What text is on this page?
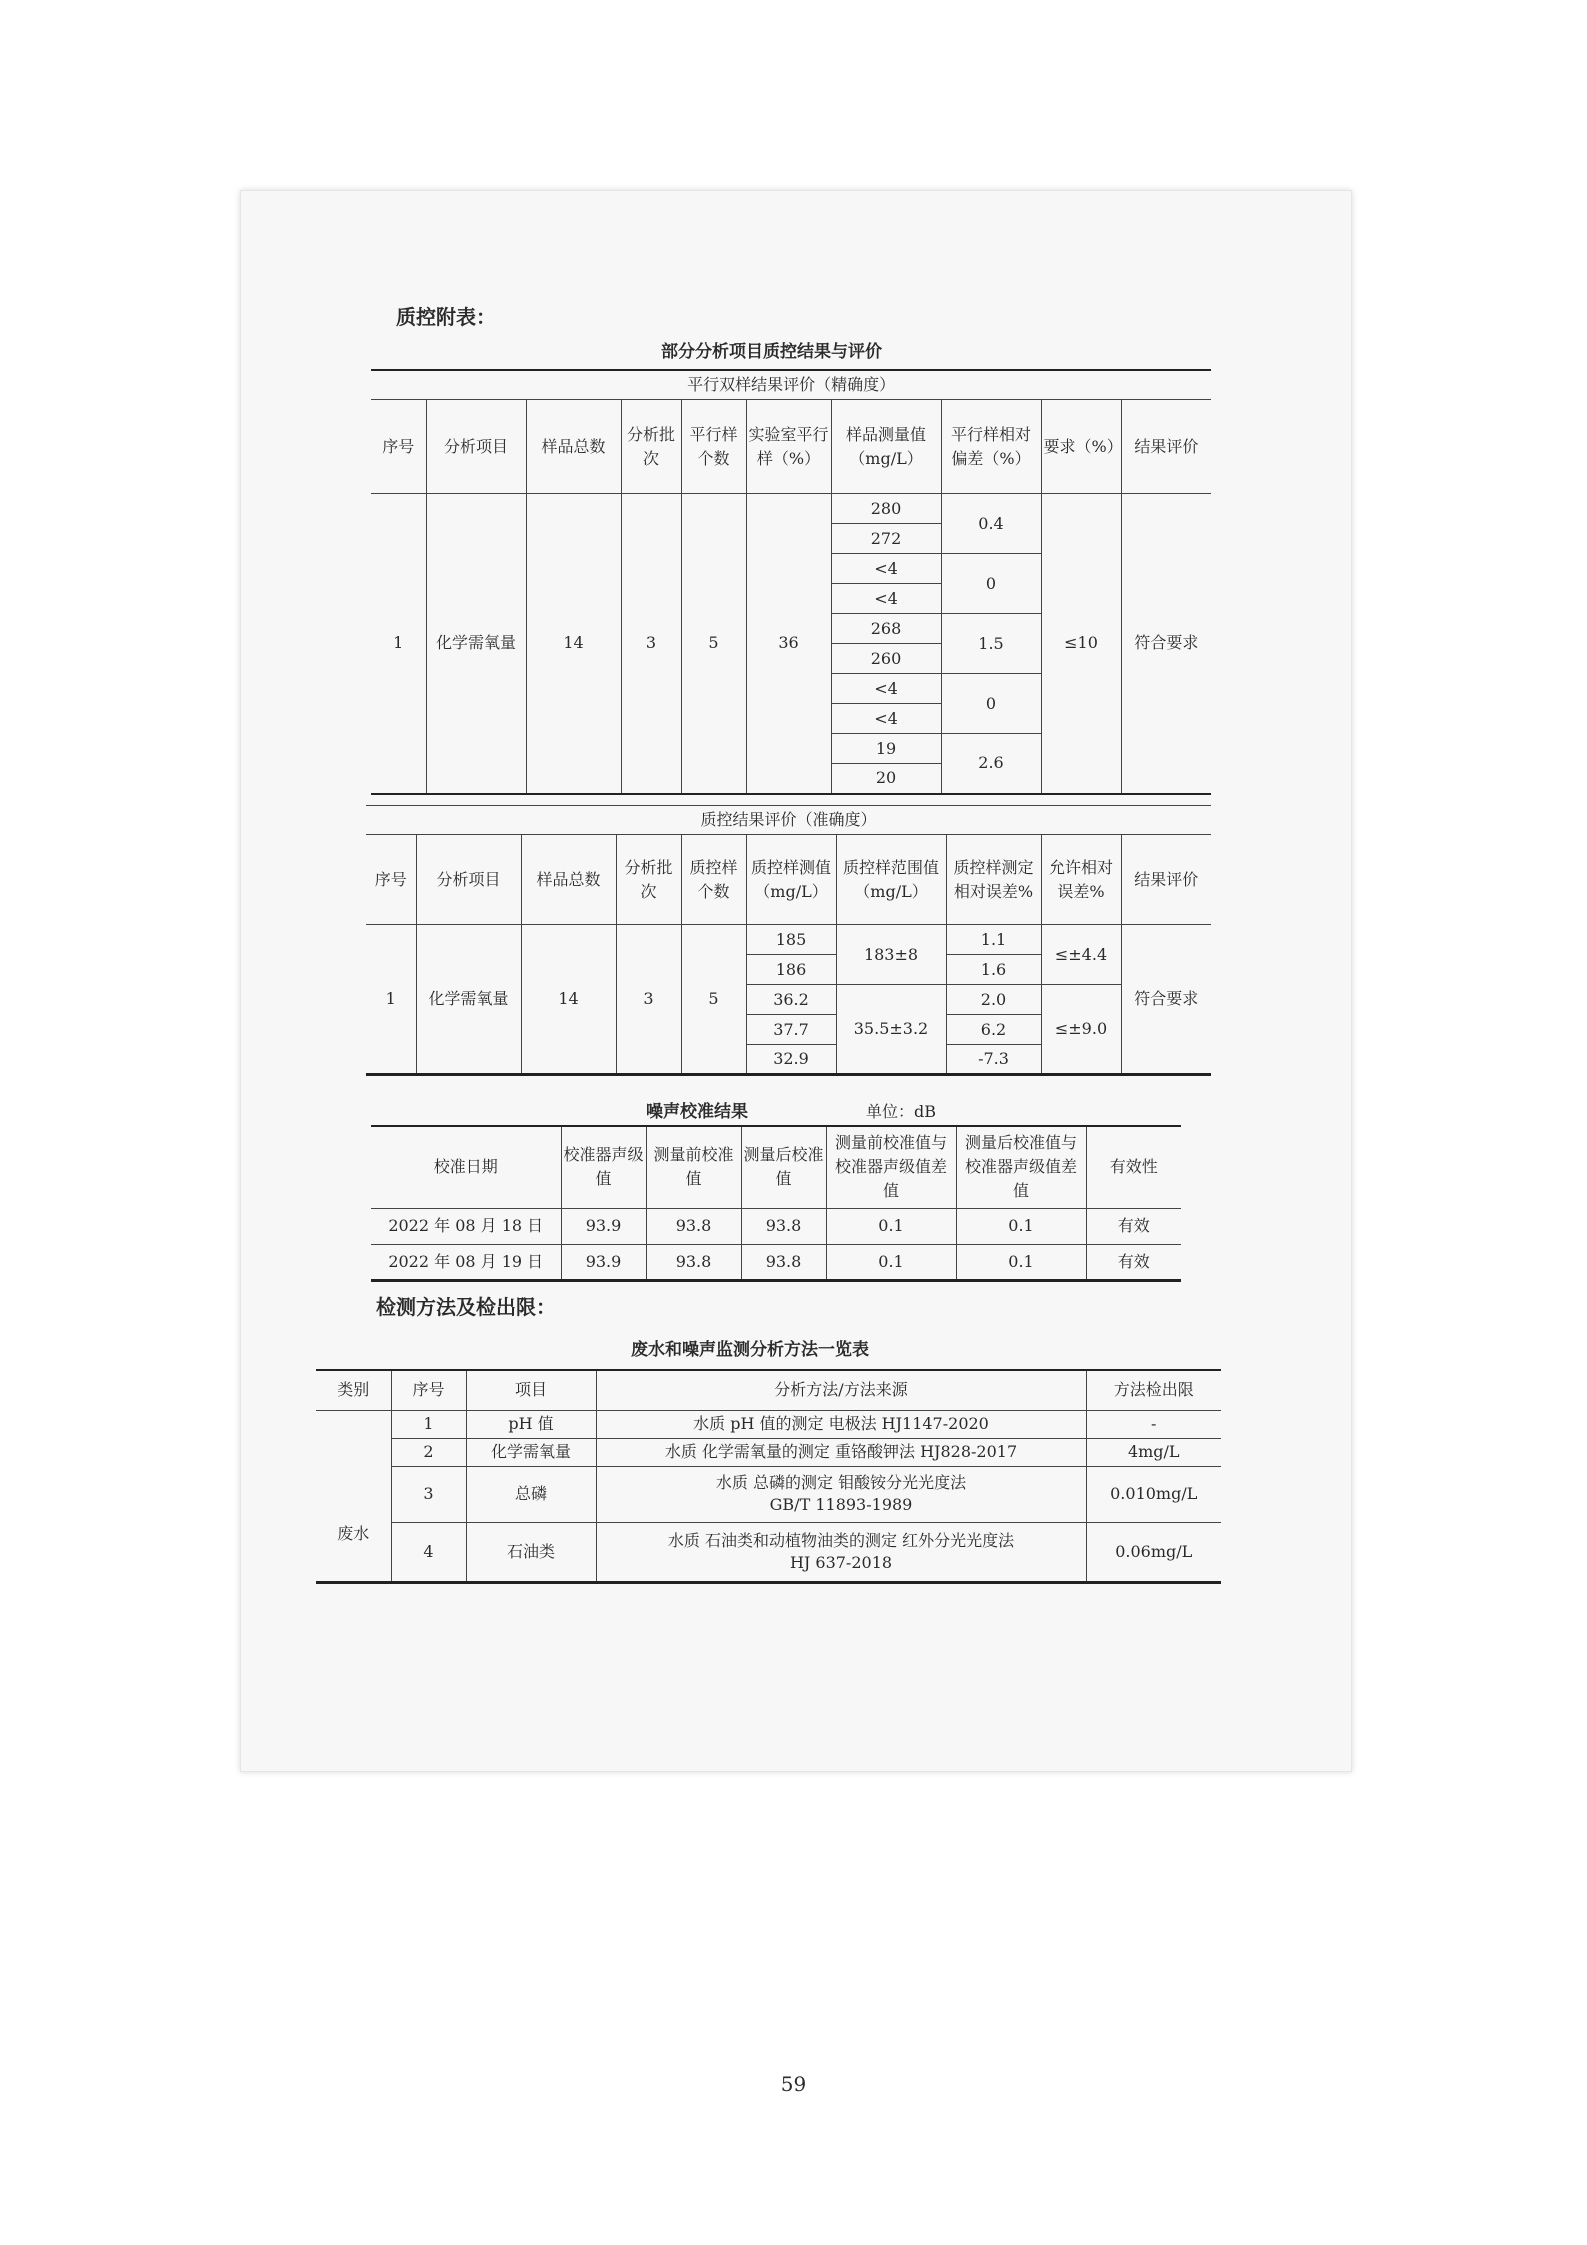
质控附表：
部分分析项目质控结果与评价
平行双样结果评价（精确度）									
序号	分析项目	样品总数	分析批次	平行样个数	实验室平行样（%）	样品测量值（mg/L）	平行样相对偏差（%）	要求（%）	结果评价
1	化学需氧量	14	3	5	36	280	0.4	≤10	符合要求
						272			
						<4	0		
						<4			
						268	1.5		
						260			
						<4	0		
						<4			
						19	2.6		
						20			
质控结果评价（准确度）									
序号	分析项目	样品总数	分析批次	质控样个数	质控样测值（mg/L）	质控样范围值（mg/L）	质控样测定相对误差%	允许相对误差%	结果评价
1	化学需氧量	14	3	5	185	183±8	1.1	≤±4.4	符合要求
					186		1.6		
					36.2	35.5±3.2	2.0	≤±9.0	
					37.7		6.2		
					32.9		-7.3		
噪声校准结果	单位：dB
校准日期	校准器声级值	测量前校准值	测量后校准值	测量前校准值与校准器声级值差值	测量后校准值与校准器声级值差值	有效性
2022 年 08 月 18 日	93.9	93.8	93.8	0.1	0.1	有效
2022 年 08 月 19 日	93.9	93.8	93.8	0.1	0.1	有效
检测方法及检出限：
废水和噪声监测分析方法一览表
类别	序号	项目	分析方法/方法来源	方法检出限
废水	1	pH 值	水质 pH 值的测定 电极法 HJ1147-2020	-
	2	化学需氧量	水质 化学需氧量的测定 重铬酸钾法 HJ828-2017	4mg/L
	3	总磷	水质 总磷的测定 钼酸铵分光光度法
GB/T 11893-1989	0.010mg/L
	4	石油类	水质 石油类和动植物油类的测定 红外分光光度法
HJ 637-2018	0.06mg/L
59
